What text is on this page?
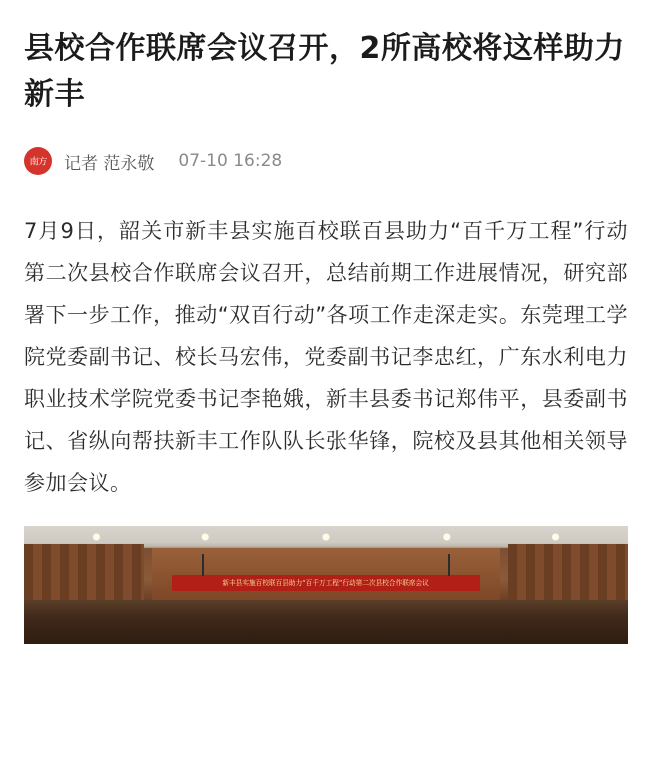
县校合作联席会议召开，2所高校将这样助力新丰
南方 记者 范永敬 07-10 16:28
7月9日，韶关市新丰县实施百校联百县助力“百千万工程”行动第二次县校合作联席会议召开，总结前期工作进展情况，研究部署下一步工作，推动“双百行动”各项工作走深走实。东莞理工学院党委副书记、校长马宏伟，党委副书记李忠红，广东水利电力职业技术学院党委书记李艳娥，新丰县委书记郑伟平，县委副书记、省纵向帮扶新丰工作队队长张华锋，院校及县其他相关领导参加会议。
新丰县实施百校联百县助力“百千万工程”行动第二次县校合作联席会议
